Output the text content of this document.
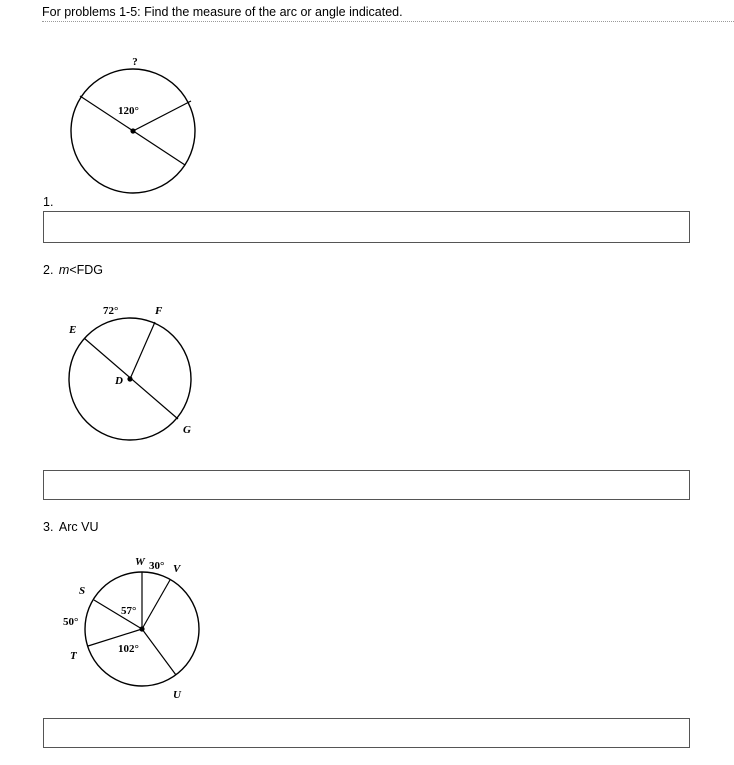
For problems 1-5: Find the measure of the arc or angle indicated.
?
120°
1.
2. m<FDG
72°
E
F
D
G
3. Arc VU
W 30° V
S
57°
50°
T
102°
U
